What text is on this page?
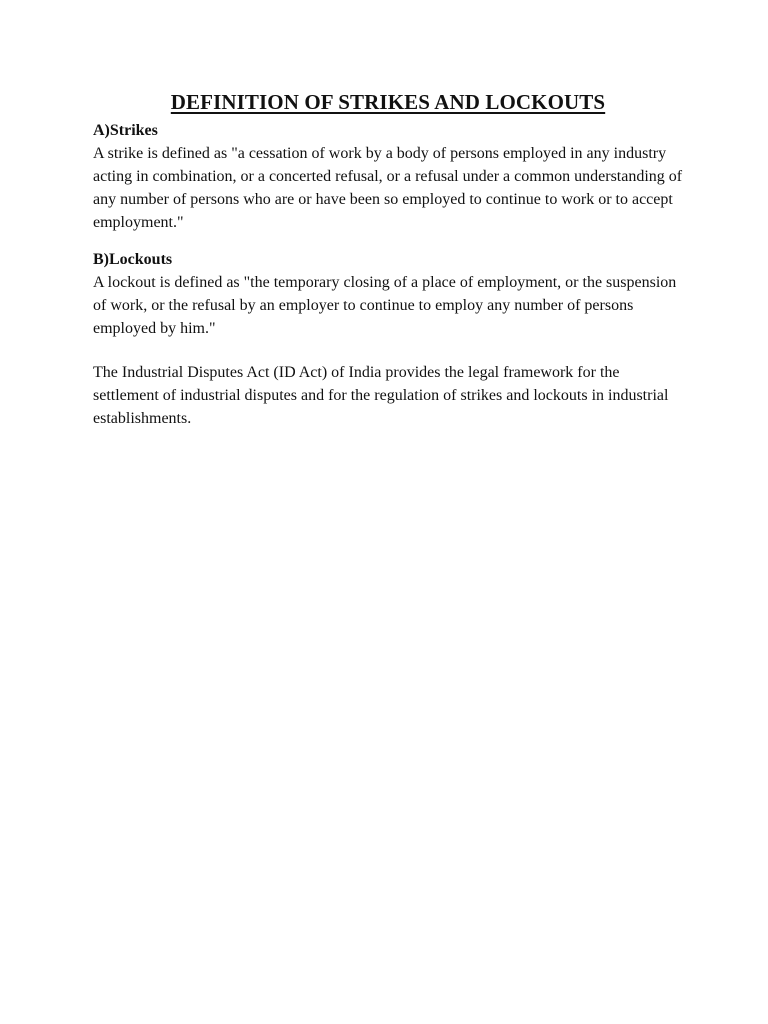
DEFINITION OF STRIKES AND LOCKOUTS

A)Strikes

A strike is defined as "a cessation of work by a body of persons employed in any industry acting in combination, or a concerted refusal, or a refusal under a common understanding of any number of persons who are or have been so employed to continue to work or to accept employment."

B)Lockouts

A lockout is defined as "the temporary closing of a place of employment, or the suspension of work, or the refusal by an employer to continue to employ any number of persons employed by him."

The Industrial Disputes Act (ID Act) of India provides the legal framework for the settlement of industrial disputes and for the regulation of strikes and lockouts in industrial establishments.
